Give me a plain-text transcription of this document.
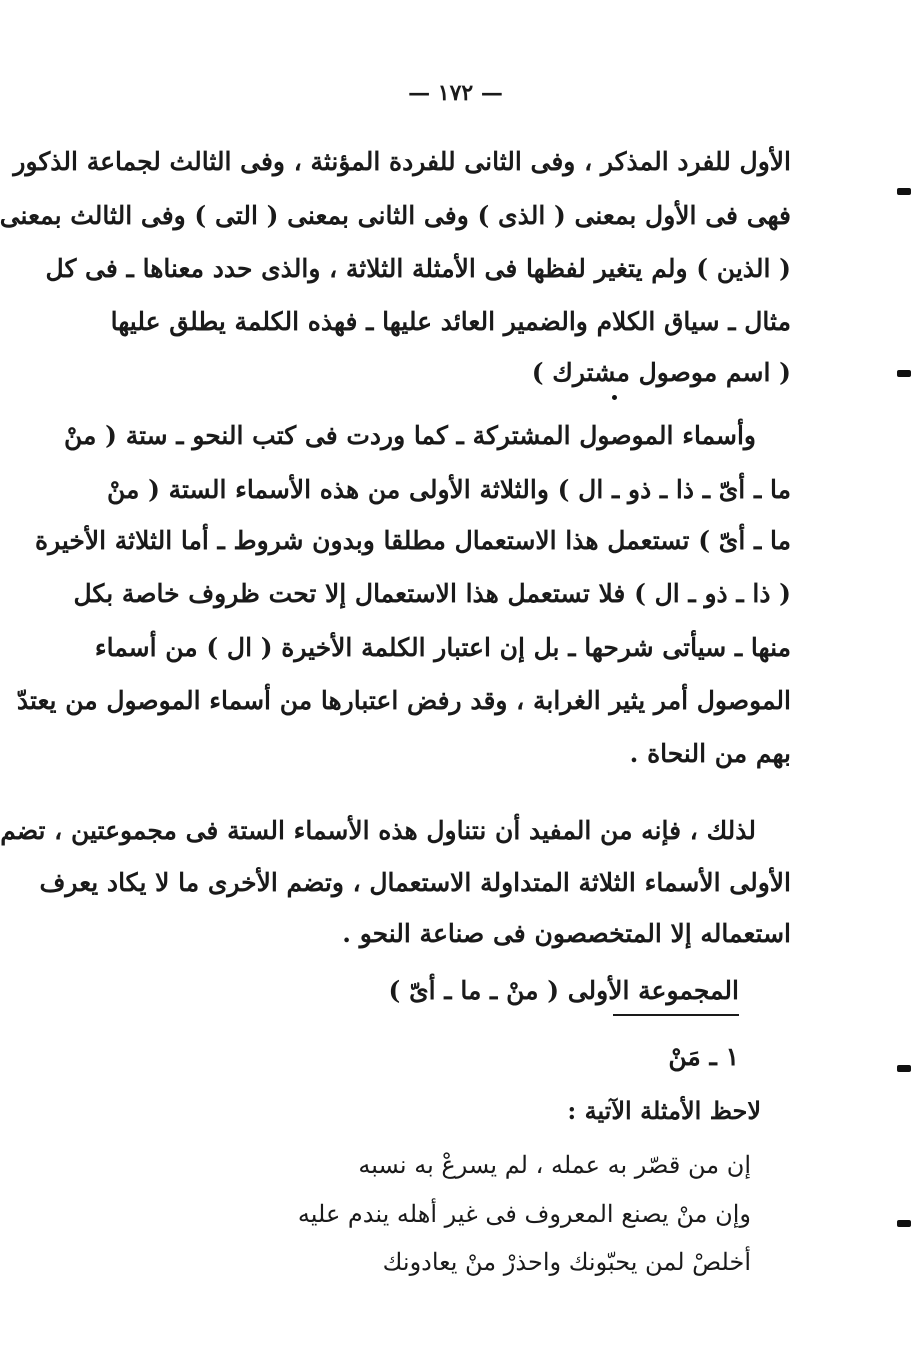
— ١٧٢ —
الأول للفرد المذكر ، وفى الثانى للفردة المؤنثة ، وفى الثالث لجماعة الذكور
فهى فى الأول بمعنى ( الذى ) وفى الثانى بمعنى ( التى ) وفى الثالث بمعنى
( الذين ) ولم يتغير لفظها فى الأمثلة الثلاثة ، والذى حدد معناها ـ فى كل
مثال ـ سياق الكلام والضمير العائد عليها ـ فهذه الكلمة يطلق عليها
( اسم موصول مشترك )
وأسماء الموصول المشتركة ـ كما وردت فى كتب النحو ـ ستة ( منْ
ما ـ أىّ ـ ذا ـ ذو ـ ال ) والثلاثة الأولى من هذه الأسماء الستة ( منْ
ما ـ أىّ ) تستعمل هذا الاستعمال مطلقا وبدون شروط ـ أما الثلاثة الأخيرة
( ذا ـ ذو ـ ال ) فلا تستعمل هذا الاستعمال إلا تحت ظروف خاصة بكل
منها ـ سيأتى شرحها ـ بل إن اعتبار الكلمة الأخيرة ( ال ) من أسماء
الموصول أمر يثير الغرابة ، وقد رفض اعتبارها من أسماء الموصول من يعتدّ
بهم من النحاة .
لذلك ، فإنه من المفيد أن نتناول هذه الأسماء الستة فى مجموعتين ، تضم
الأولى الأسماء الثلاثة المتداولة الاستعمال ، وتضم الأخرى ما لا يكاد يعرف
استعماله إلا المتخصصون فى صناعة النحو .
المجموعة الأولى ( منْ ـ ما ـ أىّ )
١ ـ مَنْ
لاحظ الأمثلة الآتية :
إن من قصّر به عمله ، لم يسرعْ به نسبه
وإن منْ يصنع المعروف فى غير أهله يندم عليه
أخلصْ لمن يحبّونك واحذرْ منْ يعادونك
